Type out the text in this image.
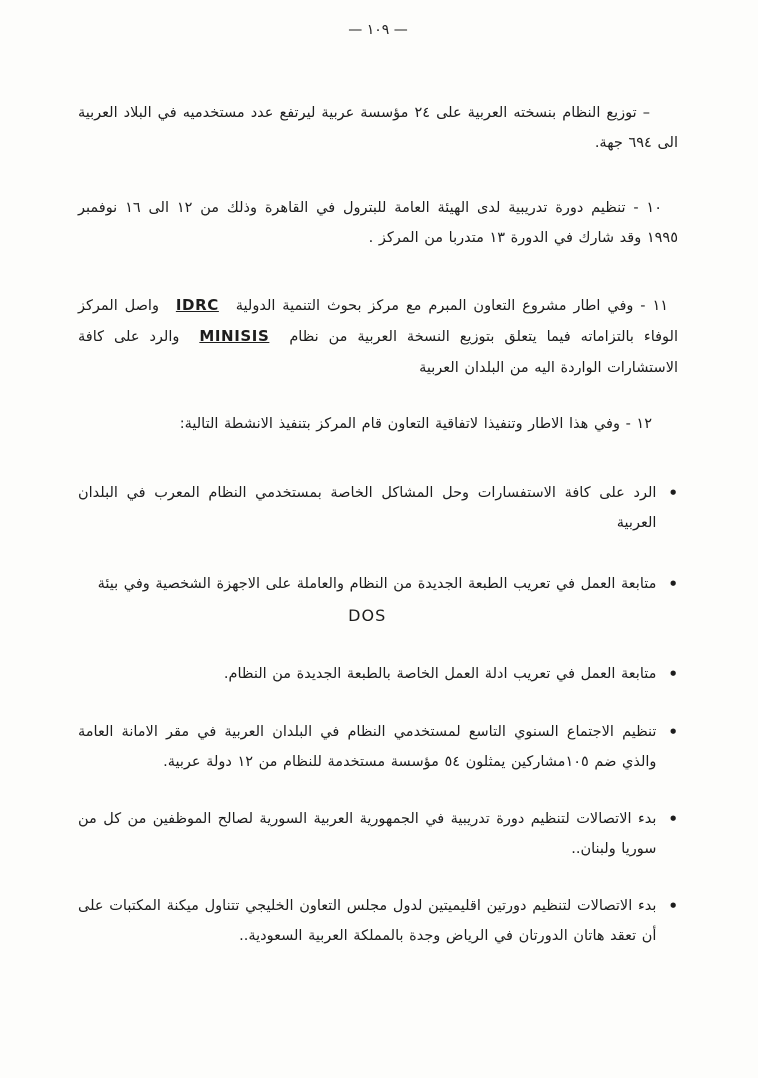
— ١٠٩ —

– توزيع النظام بنسخته العربية على ٢٤ مؤسسة عربية ليرتفع عدد مستخدميه في البلاد العربية الى ٦٩٤ جهة.

١٠ - تنظيم دورة تدريبية لدى الهيئة العامة للبترول في القاهرة وذلك من ١٢ الى ١٦ نوفمبر ١٩٩٥ وقد شارك في الدورة ١٣ متدربا من المركز .

١١ - وفي اطار مشروع التعاون المبرم مع مركز بحوث التنمية الدولية IDRC واصل المركز الوفاء بالتزاماته فيما يتعلق بتوزيع النسخة العربية من نظام MINISIS والرد على كافة الاستشارات الواردة اليه من البلدان العربية

١٢ - وفي هذا الاطار وتنفيذا لاتفاقية التعاون قام المركز بتنفيذ الانشطة التالية:

•
الرد على كافة الاستفسارات وحل المشاكل الخاصة بمستخدمي النظام المعرب في البلدان العربية
•
متابعة العمل في تعريب الطبعة الجديدة من النظام والعاملة على الاجهزة الشخصية وفي بيئة
DOS
•
متابعة العمل في تعريب ادلة العمل الخاصة بالطبعة الجديدة من النظام.
•
تنظيم الاجتماع السنوي التاسع لمستخدمي النظام في البلدان العربية في مقر الامانة العامة والذي ضم ١٠٥مشاركين يمثلون ٥٤ مؤسسة مستخدمة للنظام من ١٢ دولة عربية.
•
بدء الاتصالات لتنظيم دورة تدريبية في الجمهورية العربية السورية لصالح الموظفين من كل من سوريا ولبنان..
•
بدء الاتصالات لتنظيم دورتين اقليميتين لدول مجلس التعاون الخليجي تتناول ميكنة المكتبات على أن تعقد هاتان الدورتان في الرياض وجدة بالمملكة العربية السعودية..
